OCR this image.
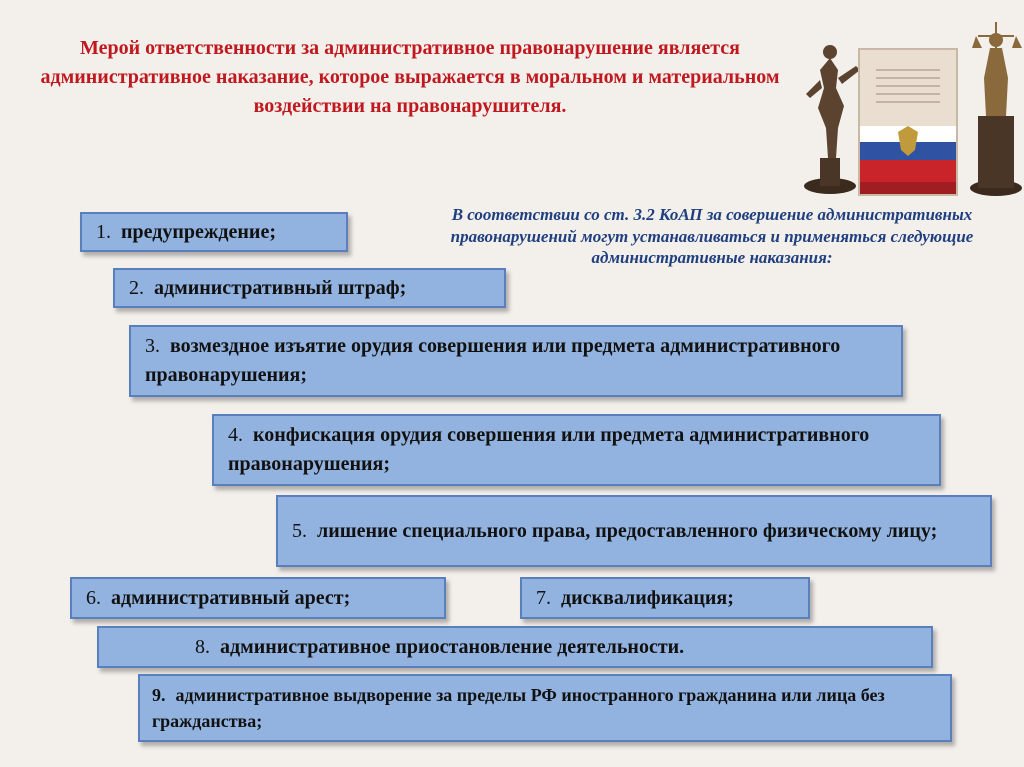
Мерой ответственности за административное правонарушение является административное наказание, которое выражается в моральном и материальном воздействии на правонарушителя.
В соответствии со ст. 3.2 КоАП за совершение административных правонарушений могут устанавливаться и применяться следующие административные наказания:
1. предупреждение;
2. административный штраф;
3. возмездное изъятие орудия совершения или предмета административного правонарушения;
4. конфискация орудия совершения или предмета административного правонарушения;
5. лишение специального права, предоставленного физическому лицу;
6. административный арест;	7. дисквалификация;
8. административное приостановление деятельности.
9. административное выдворение за пределы РФ иностранного гражданина или лица без гражданства;
